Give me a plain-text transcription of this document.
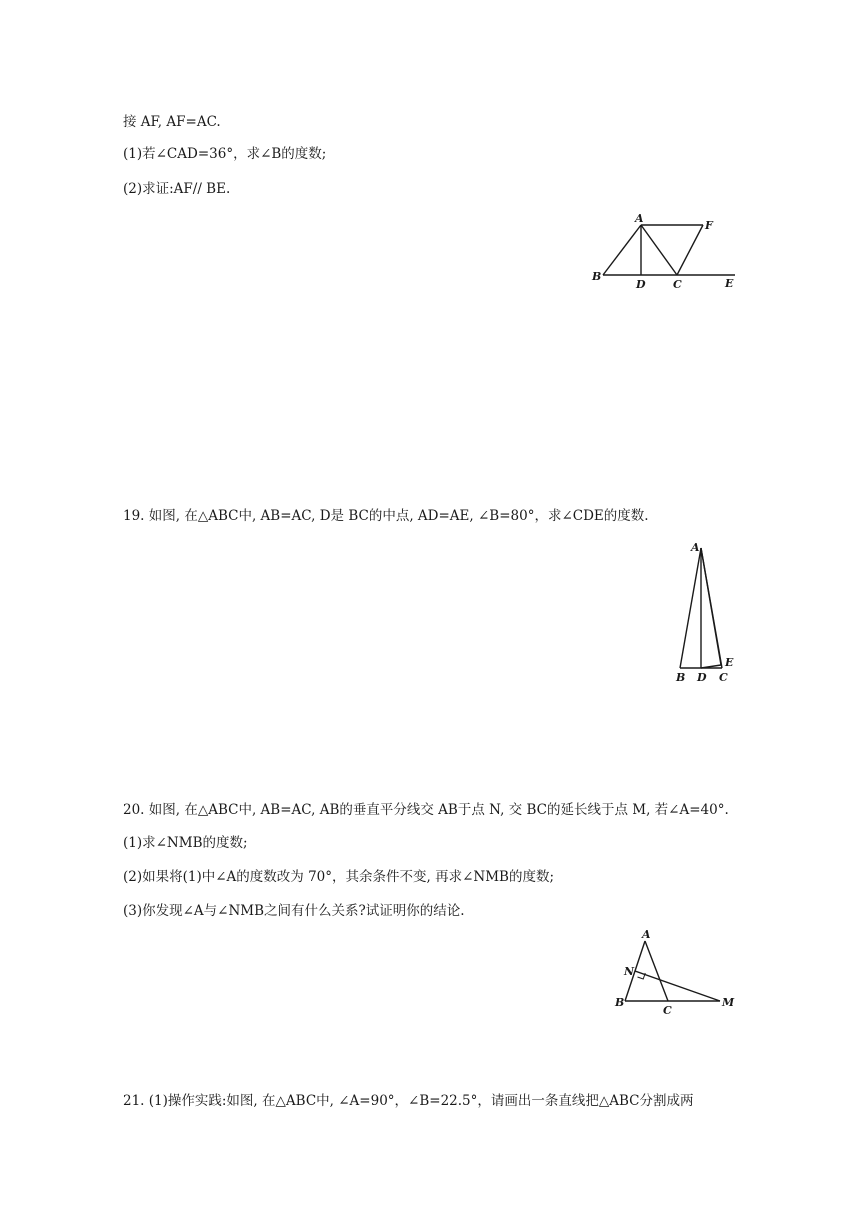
接 AF, AF=AC.
(1)若∠CAD=36°，求∠B的度数;
(2)求证:AF// BE.
A
F
B
D C	E
19. 如图, 在△ABC中, AB=AC, D是 BC的中点, AD=AE, ∠B=80°，求∠CDE的度数.
A
E
B D C
20. 如图, 在△ABC中, AB=AC, AB的垂直平分线交 AB于点 N, 交 BC的延长线于点 M, 若∠A=40°.
(1)求∠NMB的度数;
(2)如果将(1)中∠A的度数改为 70°，其余条件不变, 再求∠NMB的度数;
(3)你发现∠A与∠NMB之间有什么关系?试证明你的结论.
A
N
B
C
M
21. (1)操作实践:如图, 在△ABC中, ∠A=90°，∠B=22.5°，请画出一条直线把△ABC分割成两
